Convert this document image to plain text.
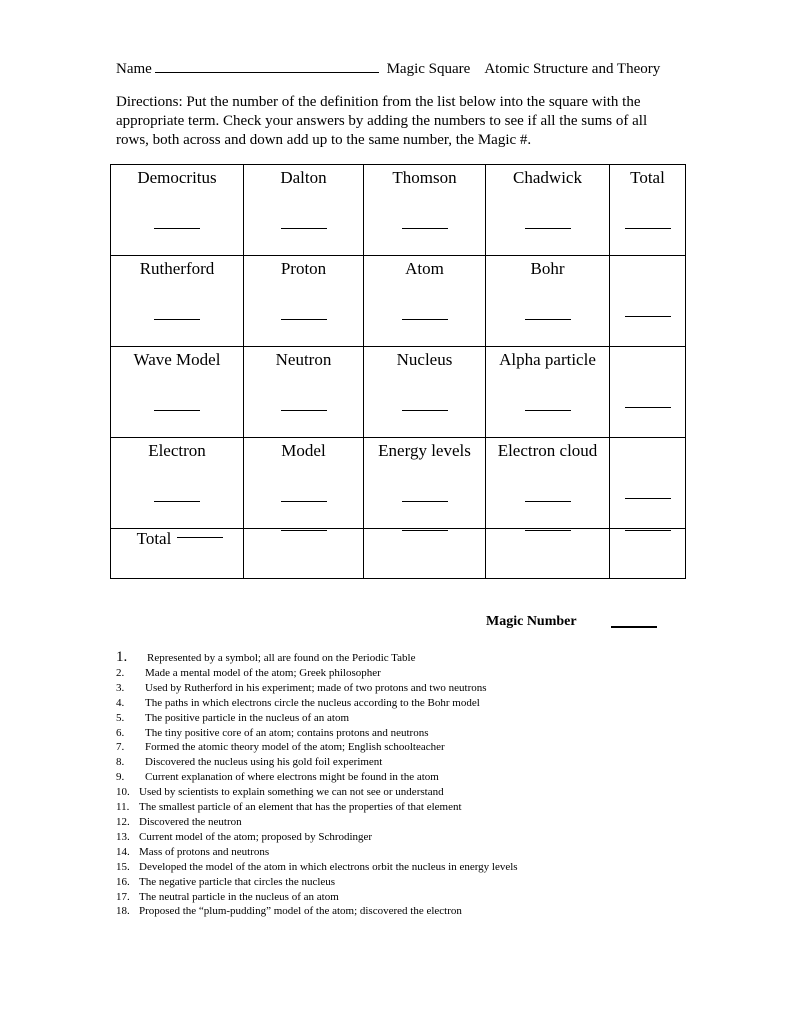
Name	Magic Square Atomic Structure and Theory

Directions: Put the number of the definition from the list below into the square with the appropriate term. Check your answers by adding the numbers to see if all the sums of all rows, both across and down add up to the same number, the Magic #.

Democritus	Dalton	Thomson	Chadwick	Total

Rutherford	Proton	Atom	Bohr	

Wave Model	Neutron	Nucleus	Alpha particle	

Electron	Model	Energy levels	Electron cloud	

Total	

Magic Number
1. Represented by a symbol; all are found on the Periodic Table
2. Made a mental model of the atom; Greek philosopher
3. Used by Rutherford in his experiment; made of two protons and two neutrons
4. The paths in which electrons circle the nucleus according to the Bohr model
5. The positive particle in the nucleus of an atom
6. The tiny positive core of an atom; contains protons and neutrons
7. Formed the atomic theory model of the atom; English schoolteacher
8. Discovered the nucleus using his gold foil experiment
9. Current explanation of where electrons might be found in the atom
10. Used by scientists to explain something we can not see or understand
11. The smallest particle of an element that has the properties of that element
12. Discovered the neutron
13. Current model of the atom; proposed by Schrodinger
14. Mass of protons and neutrons
15. Developed the model of the atom in which electrons orbit the nucleus in energy levels
16. The negative particle that circles the nucleus
17. The neutral particle in the nucleus of an atom
18. Proposed the “plum-pudding” model of the atom; discovered the electron
